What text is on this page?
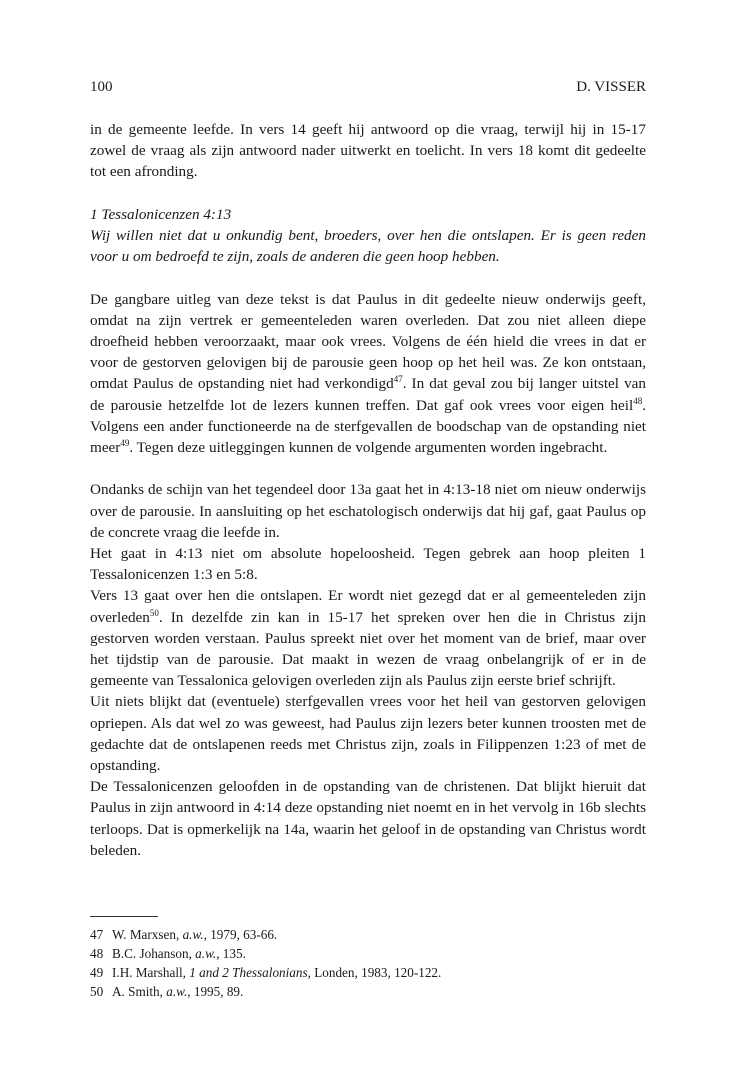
100	D. VISSER

in de gemeente leefde. In vers 14 geeft hij antwoord op die vraag, terwijl hij in 15-17 zowel de vraag als zijn antwoord nader uitwerkt en toelicht. In vers 18 komt dit gedeelte tot een afronding.

1 Tessalonicenzen 4:13

Wij willen niet dat u onkundig bent, broeders, over hen die ontslapen. Er is geen reden voor u om bedroefd te zijn, zoals de anderen die geen hoop hebben.

De gangbare uitleg van deze tekst is dat Paulus in dit gedeelte nieuw onderwijs geeft, omdat na zijn vertrek er gemeenteleden waren overleden. Dat zou niet alleen diepe droefheid hebben veroorzaakt, maar ook vrees. Volgens de één hield die vrees in dat er voor de gestorven gelovigen bij de parousie geen hoop op het heil was. Ze kon ontstaan, omdat Paulus de opstanding niet had verkondigd$^{47}$. In dat geval zou bij langer uitstel van de parousie hetzelfde lot de lezers kunnen treffen. Dat gaf ook vrees voor eigen heil$^{48}$. Volgens een ander functioneerde na de sterfgevallen de boodschap van de opstanding niet meer$^{49}$. Tegen deze uitleggingen kunnen de volgende argumenten worden ingebracht.

Ondanks de schijn van het tegendeel door 13a gaat het in 4:13-18 niet om nieuw onderwijs over de parousie. In aansluiting op het eschatologisch onderwijs dat hij gaf, gaat Paulus op de concrete vraag die leefde in.

Het gaat in 4:13 niet om absolute hopeloosheid. Tegen gebrek aan hoop pleiten 1 Tessalonicenzen 1:3 en 5:8.

Vers 13 gaat over hen die ontslapen. Er wordt niet gezegd dat er al gemeenteleden zijn overleden$^{50}$. In dezelfde zin kan in 15-17 het spreken over hen die in Christus zijn gestorven worden verstaan. Paulus spreekt niet over het moment van de brief, maar over het tijdstip van de parousie. Dat maakt in wezen de vraag onbelangrijk of er in de gemeente van Tessalonica gelovigen overleden zijn als Paulus zijn eerste brief schrijft.

Uit niets blijkt dat (eventuele) sterfgevallen vrees voor het heil van gestorven gelovigen opriepen. Als dat wel zo was geweest, had Paulus zijn lezers beter kunnen troosten met de gedachte dat de ontslapenen reeds met Christus zijn, zoals in Filippenzen 1:23 of met de opstanding.

De Tessalonicenzen geloofden in de opstanding van de christenen. Dat blijkt hieruit dat Paulus in zijn antwoord in 4:14 deze opstanding niet noemt en in het vervolg in 16b slechts terloops. Dat is opmerkelijk na 14a, waarin het geloof in de opstanding van Christus wordt beleden.

47 W. Marxsen, a.w., 1979, 63-66.
48 B.C. Johanson, a.w., 135.
49 I.H. Marshall, 1 and 2 Thessalonians, Londen, 1983, 120-122.
50 A. Smith, a.w., 1995, 89.
